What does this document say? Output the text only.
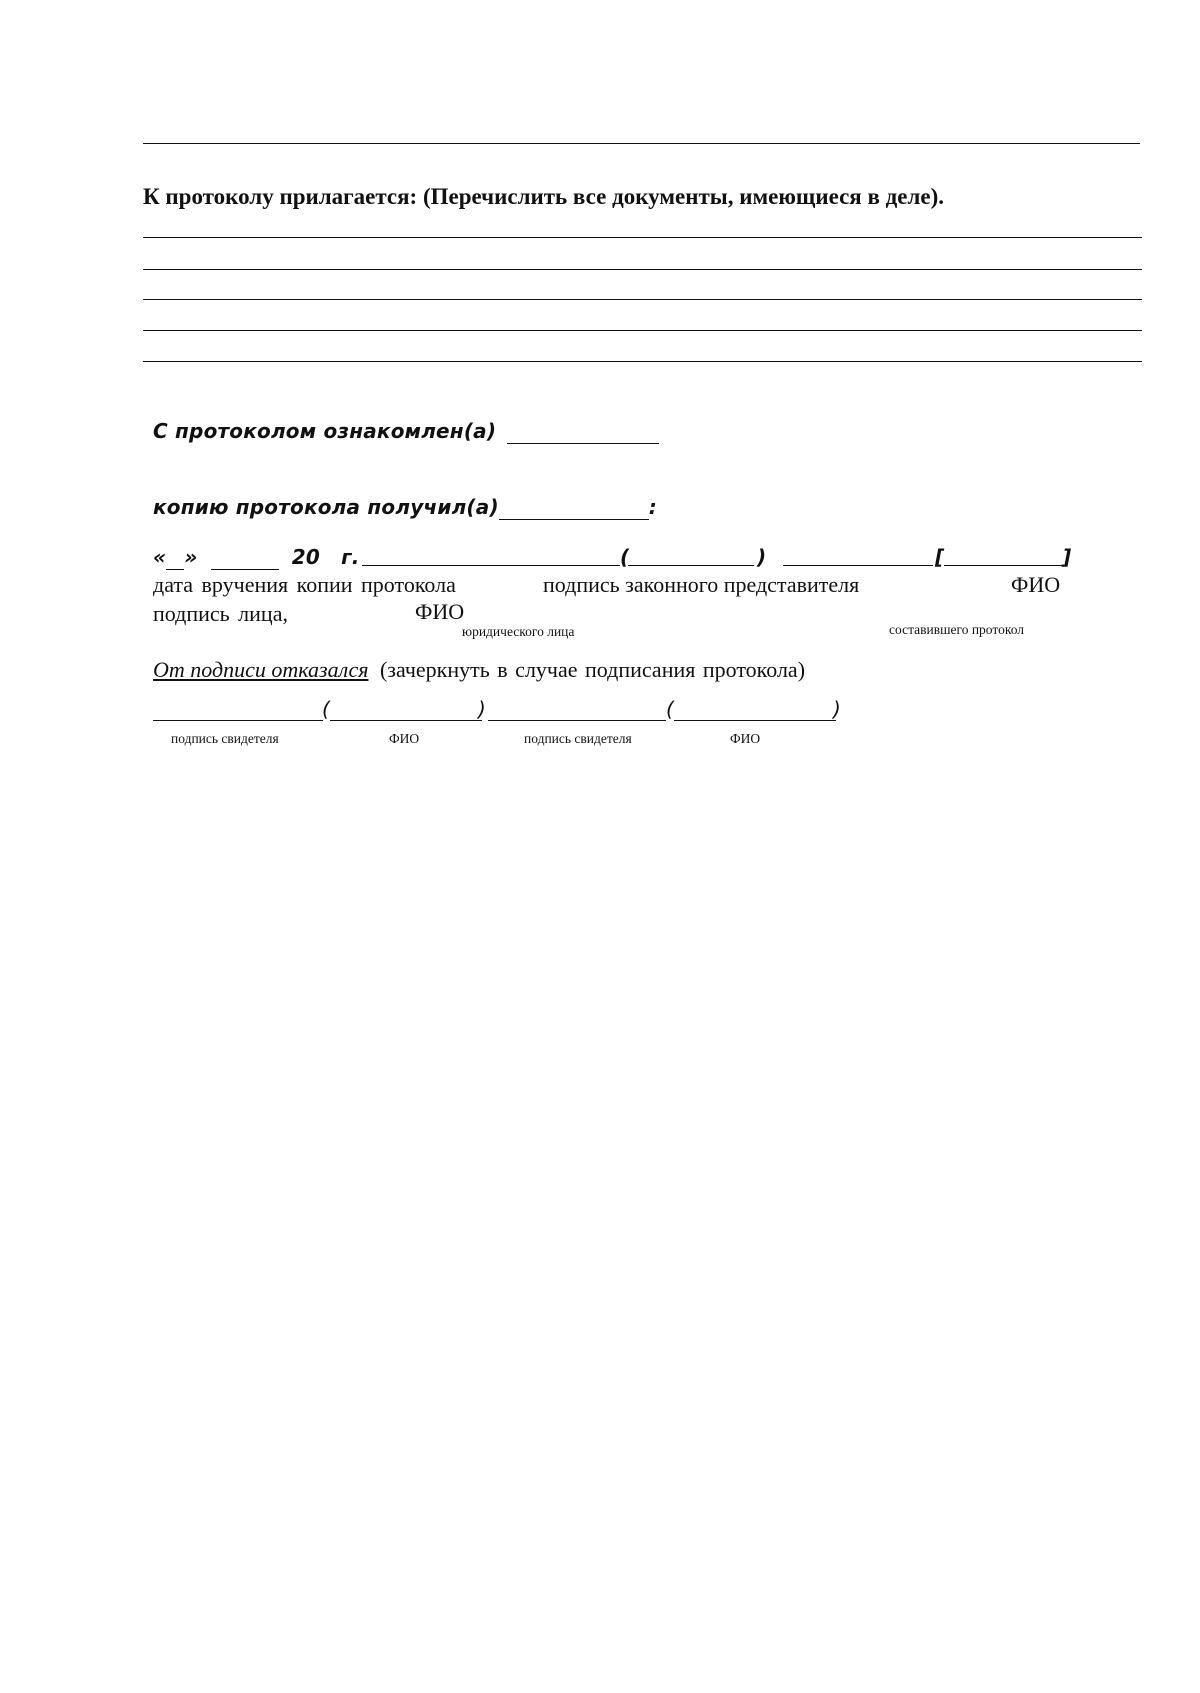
К протоколу прилагается: (Перечислить все документы, имеющиеся в деле).
С протоколом ознакомлен(а)
копию протокола получил(а)	:
« »	20 г.	(	)	[	]
дата вручения копии протокола	подпись законного представителя	ФИО
подпись лица,	ФИО
юридического лица	составившего протокол
От подписи отказался (зачеркнуть в случае подписания протокола)
(	)	(	)
подпись свидетеля	ФИО	подпись свидетеля	ФИО
